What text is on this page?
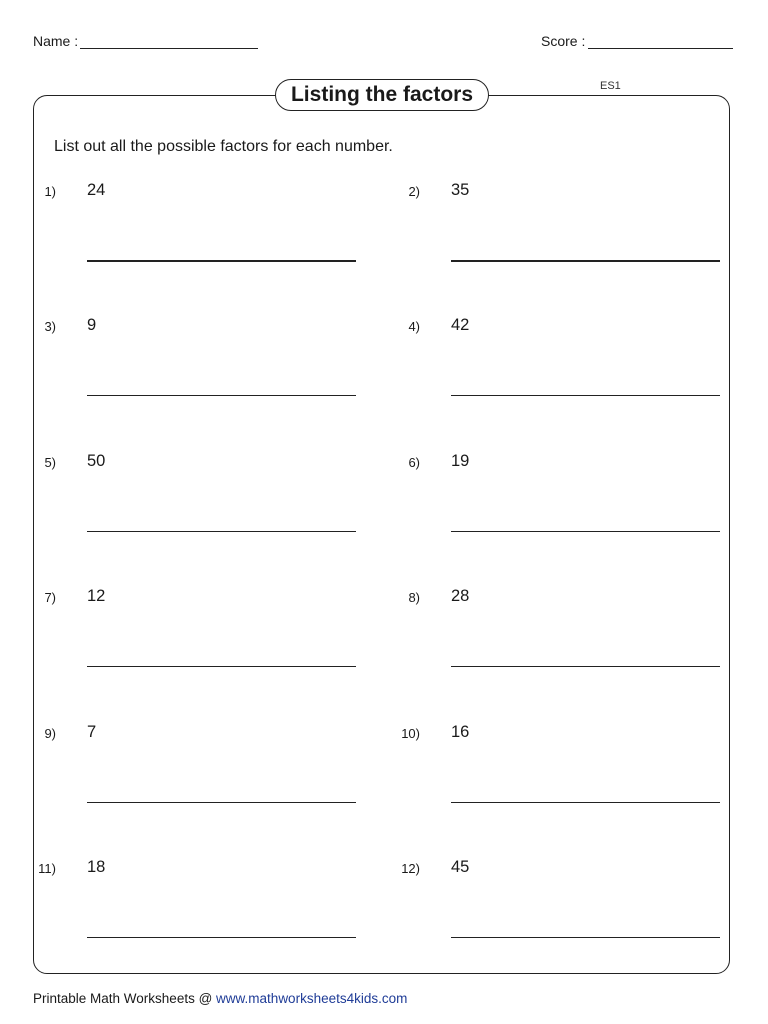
Name :	Score :
Listing the factors	ES1
List out all the possible factors for each number.
1) 24	2) 35
3) 9	4) 42
5) 50	6) 19
7) 12	8) 28
9) 7	10) 16
11) 18	12) 45
Printable Math Worksheets @ www.mathworksheets4kids.com
